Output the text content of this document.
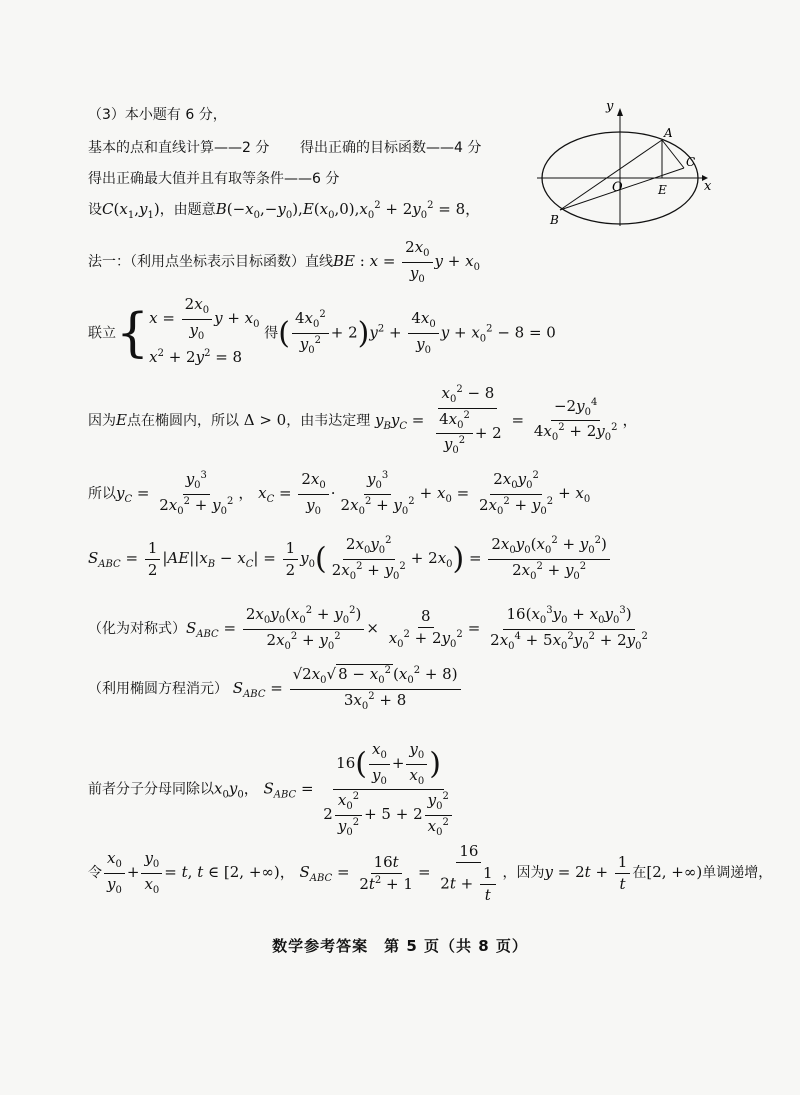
（3）本小题有 6 分，
基本的点和直线计算——2 分 得出正确的目标函数——4 分
得出正确最大值并且有取等条件——6 分
设$C(x_1,y_1)$，由题意$B(-x_0,-y_0),E(x_0,0),x_0^2 + 2y_0^2 = 8$，
y
x
O
A
B
C
E
法一：（利用点坐标表示目标函数）直线BE : $x = \frac{2x_0}{y_0}$ $y + x_0$
联立{ $x = \frac{2x_0}{y_0}$ $y + x_0$
$x^2 + 2y^2 = 8$
得( $\frac{4x_0^2}{y_0^2} + 2)y^2 + \frac{4x_0}{y_0}$ $y + x_0^2 - 8 = 0$
因为E点在椭圆内，所以 Δ > 0，由韦达定理 $y_By_C = \frac{x_0^2 - 8}{\frac{4x_0^2}{y_0^2} + 2} = \frac{-2y_0^4}{4x_0^2 + 2y_0^2}$ ，
所以$y_C = \frac{y_0^3}{2x_0^2 + y_0^2}$ ， $x_C = \frac{2x_0}{y_0} \cdot \frac{y_0^3}{2x_0^2 + y_0^2} + x_0 = \frac{2x_0y_0^2}{2x_0^2 + y_0^2} + x_0$
$S_{ABC} = \frac{1}{2} |AE||x_B - x_C| = \frac{1}{2} y_0( \frac{2x_0y_0^2}{2x_0^2 + y_0^2} + 2x_0) = \frac{2x_0y_0(x_0^2 + y_0^2)}{2x_0^2 + y_0^2}$
（化为对称式）$S_{ABC} = \frac{2x_0y_0(x_0^2 + y_0^2)}{2x_0^2 + y_0^2} \times \frac{8}{x_0^2 + 2y_0^2} = \frac{16(x_0^3y_0 + x_0y_0^3)}{2x_0^4 + 5x_0^2y_0^2 + 2y_0^2}$
（利用椭圆方程消元） $S_{ABC} = \frac{√2x_0√ 8 - x_0^2 (x_0^2 + 8)}{3x_0^2 + 8}$
前者分子分母同除以$x_0y_0$， $S_{ABC} = \frac{16( \frac{x_0}{y_0} + \frac{y_0}{x_0} )}{2 \frac{x_0^2}{y_0^2} + 5 + 2 \frac{y_0^2}{x_0^2}}$
令 $\frac{x_0}{y_0} + \frac{y_0}{x_0} = t$, t ∈ [2, +∞)， $S_{ABC} = \frac{16t}{2t^2 + 1} = \frac{16}{2t + \frac{1}{t}}$ ，因为$y = 2t + \frac{1}{t}$ 在[2, +∞)单调递增，
数学参考答案　第 5 页（共 8 页）
